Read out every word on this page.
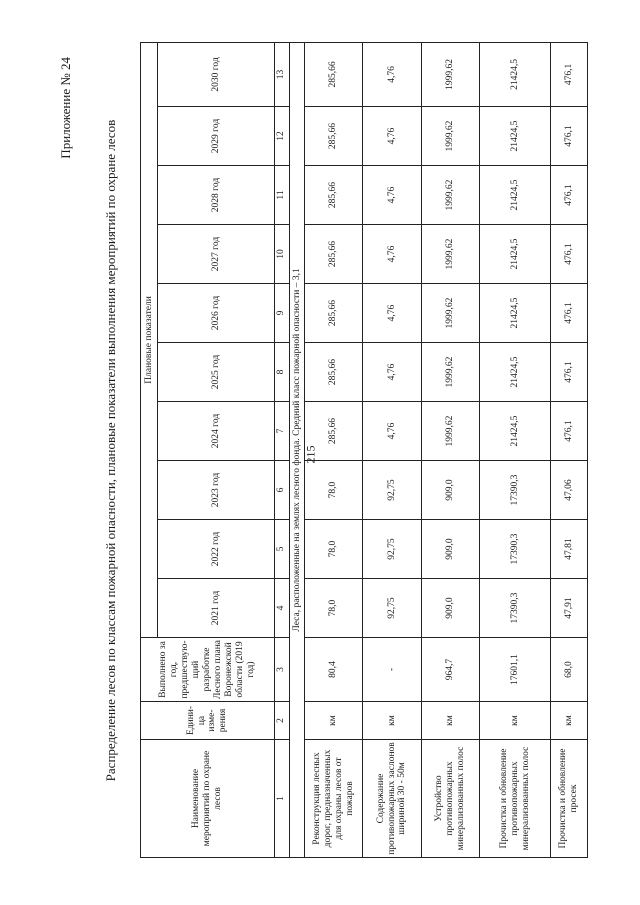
215
Приложение № 24
Распределение лесов по классам пожарной опасности, плановые показатели выполнения мероприятий по охране лесов
Наименование мероприятий по охране лесов	Едини-ца изме-рения	Выполнено за год, предшествую-щий разработке Лесного плана Воронежской области (2019 год)	Плановые показатели									
			2021 год	2022 год	2023 год	2024 год	2025 год	2026 год	2027 год	2028 год	2029 год	2030 год
1	2	3	4	5	6	7	8	9	10	11	12	13
Леса, расположенные на землях лесного фонда. Средний класс пожарной опасности – 3,1												
Реконструкция лесных дорог, предназначенных для охраны лесов от пожаров	км	80,4	78,0	78,0	78,0	285,66	285,66	285,66	285,66	285,66	285,66	285,66
Содержание противопожарных заслонов шириной 30 - 50м	км	-	92,75	92,75	92,75	4,76	4,76	4,76	4,76	4,76	4,76	4,76
Устройство противопожарных минерализованных полос	км	964,7	909,0	909,0	909,0	1999,62	1999,62	1999,62	1999,62	1999,62	1999,62	1999,62
Прочистка и обновление противопожарных минерализованных полос	км	17601,1	17390,3	17390,3	17390,3	21424,5	21424,5	21424,5	21424,5	21424,5	21424,5	21424,5
Прочистка и обновление просек	км	68,0	47,91	47,81	47,06	476,1	476,1	476,1	476,1	476,1	476,1	476,1
